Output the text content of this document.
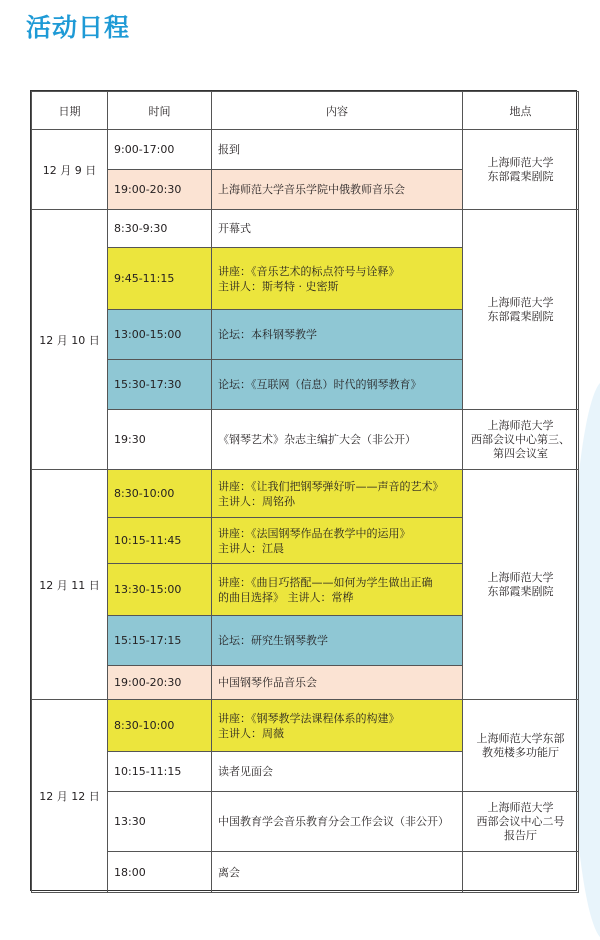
活动日程
日期	时间	内容	地点
12 月 9 日	9:00-17:00	报到	上海师范大学
东部霞棐剧院

	19:00-20:30	上海师范大学音乐学院中俄教师音乐会	

12 月 10 日	8:30-9:30	开幕式	上海师范大学
东部霞棐剧院

	9:45-11:15	讲座：《音乐艺术的标点符号与诠释》
主讲人：斯考特 · 史密斯	

	13:00-15:00	论坛：本科钢琴教学	

	15:30-17:30	论坛：《互联网（信息）时代的钢琴教育》	

	19:30	《钢琴艺术》杂志主编扩大会（非公开）	上海师范大学
西部会议中心第三、
第四会议室

12 月 11 日	8:30-10:00	讲座：《让我们把钢琴弹好听——声音的艺术》
主讲人：周铭孙	上海师范大学
东部霞棐剧院

	10:15-11:45	讲座：《法国钢琴作品在教学中的运用》
主讲人：江晨	

	13:30-15:00	讲座：《曲目巧搭配——如何为学生做出正确
的曲目选择》 主讲人：常桦	

	15:15-17:15	论坛：研究生钢琴教学	

	19:00-20:30	中国钢琴作品音乐会	

12 月 12 日	8:30-10:00	讲座：《钢琴教学法课程体系的构建》
主讲人：周薇	上海师范大学东部
教苑楼多功能厅

	10:15-11:15	读者见面会	

	13:30	中国教育学会音乐教育分会工作会议（非公开）	上海师范大学
西部会议中心二号
报告厅

	18:00	离会	
